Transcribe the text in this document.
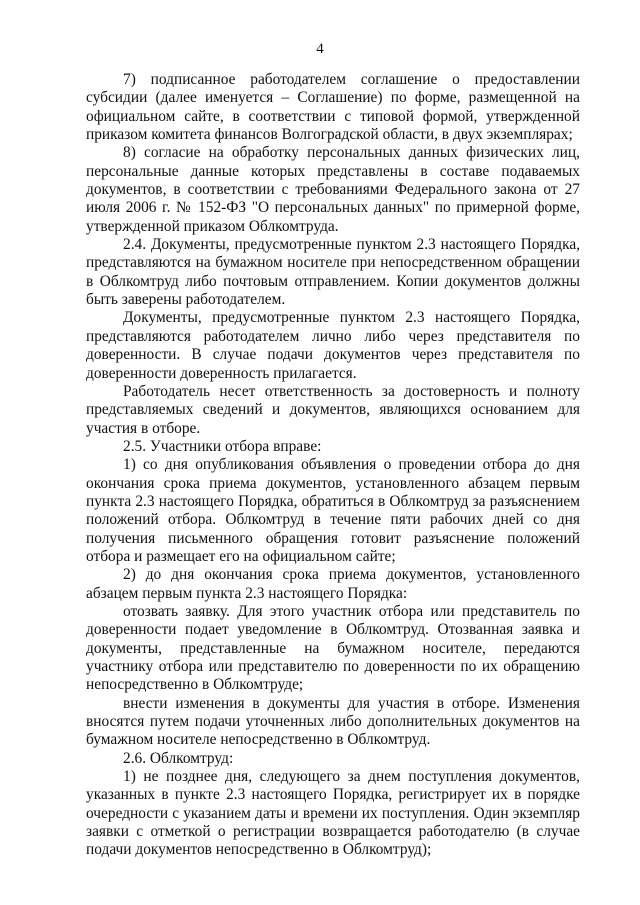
4

7) подписанное работодателем соглашение о предоставлении субсидии (далее именуется – Соглашение) по форме, размещенной на официальном сайте, в соответствии с типовой формой, утвержденной приказом комитета финансов Волгоградской области, в двух экземплярах;

8) согласие на обработку персональных данных физических лиц, персональные данные которых представлены в составе подаваемых документов, в соответствии с требованиями Федерального закона от 27 июля 2006 г. № 152-ФЗ "О персональных данных" по примерной форме, утвержденной приказом Облкомтруда.

2.4. Документы, предусмотренные пунктом 2.3 настоящего Порядка, представляются на бумажном носителе при непосредственном обращении в Облкомтруд либо почтовым отправлением. Копии документов должны быть заверены работодателем.

Документы, предусмотренные пунктом 2.3 настоящего Порядка, представляются работодателем лично либо через представителя по доверенности. В случае подачи документов через представителя по доверенности доверенность прилагается.

Работодатель несет ответственность за достоверность и полноту представляемых сведений и документов, являющихся основанием для участия в отборе.

2.5. Участники отбора вправе:

1) со дня опубликования объявления о проведении отбора до дня окончания срока приема документов, установленного абзацем первым пункта 2.3 настоящего Порядка, обратиться в Облкомтруд за разъяснением положений отбора. Облкомтруд в течение пяти рабочих дней со дня получения письменного обращения готовит разъяснение положений отбора и размещает его на официальном сайте;

2) до дня окончания срока приема документов, установленного абзацем первым пункта 2.3 настоящего Порядка:

отозвать заявку. Для этого участник отбора или представитель по доверенности подает уведомление в Облкомтруд. Отозванная заявка и документы, представленные на бумажном носителе, передаются участнику отбора или представителю по доверенности по их обращению непосредственно в Облкомтруде;

внести изменения в документы для участия в отборе. Изменения вносятся путем подачи уточненных либо дополнительных документов на бумажном носителе непосредственно в Облкомтруд.

2.6. Облкомтруд:

1) не позднее дня, следующего за днем поступления документов, указанных в пункте 2.3 настоящего Порядка, регистрирует их в порядке очередности с указанием даты и времени их поступления. Один экземпляр заявки с отметкой о регистрации возвращается работодателю (в случае подачи документов непосредственно в Облкомтруд);
